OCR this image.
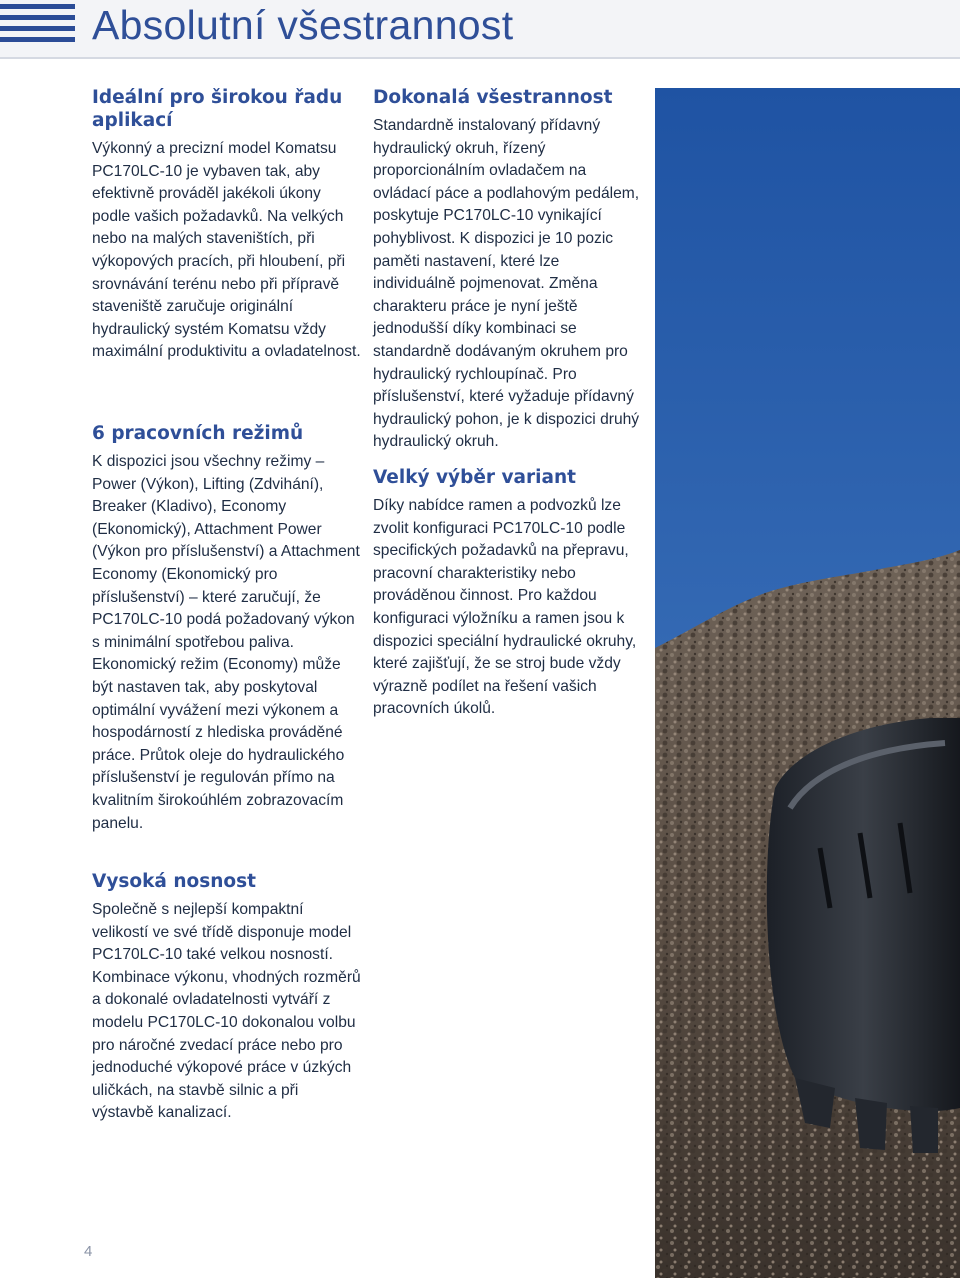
Absolutní všestrannost
Ideální pro širokou řadu aplikací

Výkonný a precizní model Komatsu PC170LC-10 je vybaven tak, aby efektivně prováděl jakékoli úkony podle vašich požadavků. Na velkých nebo na malých staveništích, při výkopových pracích, při hloubení, při srovnávání terénu nebo při přípravě staveniště zaručuje originální hydraulický systém Komatsu vždy maximální produktivitu a ovladatelnost.

6 pracovních režimů

K dispozici jsou všechny režimy – Power (Výkon), Lifting (Zdvihání), Breaker (Kladivo), Economy (Ekonomický), Attachment Power (Výkon pro příslušenství) a Attachment Economy (Ekonomický pro příslušenství) – které zaručují, že PC170LC-10 podá požadovaný výkon s minimální spotřebou paliva. Ekonomický režim (Economy) může být nastaven tak, aby poskytoval optimální vyvážení mezi výkonem a hospodárností z hlediska prováděné práce. Průtok oleje do hydraulického příslušenství je regulován přímo na kvalitním širokoúhlém zobrazovacím panelu.

Vysoká nosnost

Společně s nejlepší kompaktní velikostí ve své třídě disponuje model PC170LC-10 také velkou nosností. Kombinace výkonu, vhodných rozměrů a dokonalé ovladatelnosti vytváří z modelu PC170LC-10 dokonalou volbu pro náročné zvedací práce nebo pro jednoduché výkopové práce v úzkých uličkách, na stavbě silnic a při výstavbě kanalizací.

Dokonalá všestrannost

Standardně instalovaný přídavný hydraulický okruh, řízený proporcionálním ovladačem na ovládací páce a podlahovým pedálem, poskytuje PC170LC-10 vynikající pohyblivost. K dispozici je 10 pozic paměti nastavení, které lze individuálně pojmenovat. Změna charakteru práce je nyní ještě jednodušší díky kombinaci se standardně dodávaným okruhem pro hydraulický rychloupínač. Pro příslušenství, které vyžaduje přídavný hydraulický pohon, je k dispozici druhý hydraulický okruh.

Velký výběr variant

Díky nabídce ramen a podvozků lze zvolit konfiguraci PC170LC-10 podle specifických požadavků na přepravu, pracovní charakteristiky nebo prováděnou činnost. Pro každou konfiguraci výložníku a ramen jsou k dispozici speciální hydraulické okruhy, které zajišťují, že se stroj bude vždy výrazně podílet na řešení vašich pracovních úkolů.

4
